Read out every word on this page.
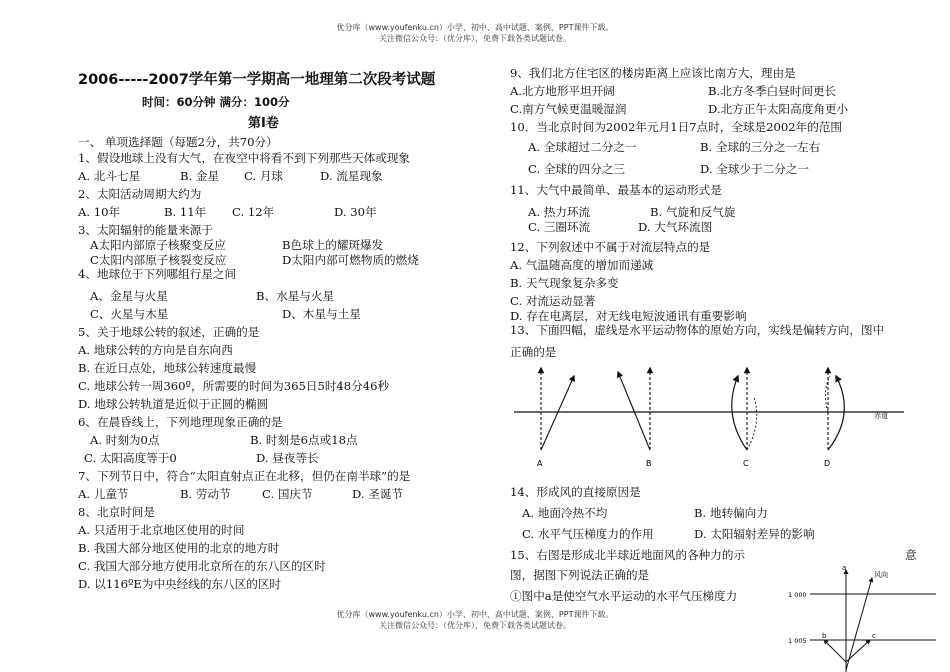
优分库（www.youfenku.cn）小学、初中、高中试题、案例、PPT课件下载。
关注微信公众号：（优分库），免费下载各类试题试卷。
优分库（www.youfenku.cn）小学、初中、高中试题、案例、PPT课件下载。
关注微信公众号：（优分库），免费下载各类试题试卷。
2006-----2007学年第一学期高一地理第二次段考试题
时间：60分钟 满分：100分
第Ⅰ卷
一、 单项选择题（每题2分，共70分）
1、假设地球上没有大气，在夜空中将看不到下列那些天体或现象
A. 北斗七星	B. 金星 C. 月球	D. 流星现象
2、太阳活动周期大约为
A. 10年	B. 11年 C. 12年	D. 30年
3、太阳辐射的能量来源于
A太阳内部原子核聚变反应	B色球上的耀斑爆发
C太阳内部原子核裂变反应	D太阳内部可燃物质的燃烧
4、地球位于下列哪组行星之间
A、金星与火星	B、水星与火星
C、火星与木星	D、木星与土星
5、关于地球公转的叙述，正确的是
A. 地球公转的方向是自东向西
B. 在近日点处，地球公转速度最慢
C. 地球公转一周360º，所需要的时间为365日5时48分46秒
D. 地球公转轨道是近似于正圆的椭圆
6、在晨昏线上，下列地理现象正确的是
A. 时刻为0点	B. 时刻是6点或18点
C. 太阳高度等于0	D. 昼夜等长
7、下列节日中，符合“太阳直射点正在北移，但仍在南半球”的是
A. 儿童节	B. 劳动节	C. 国庆节	D. 圣诞节
8、北京时间是
A. 只适用于北京地区使用的时间
B. 我国大部分地区使用的北京的地方时
C. 我国大部分地方使用北京所在的东八区的区时
D. 以116ºE为中央经线的东八区的区时
9、我们北方住宅区的楼房距离上应该比南方大，理由是
A.北方地形平坦开阔	B.北方冬季白昼时间更长
C.南方气候更温暖湿润	D.北方正午太阳高度角更小
10．当北京时间为2002年元月1日7点时，全球是2002年的范围
A. 全球超过二分之一	B. 全球的三分之一左右
C. 全球的四分之三	D. 全球少于二分之一
11、大气中最简单、最基本的运动形式是
A. 热力环流	B. 气旋和反气旋
C. 三圈环流	D. 大气环流图
12、下列叙述中不属于对流层特点的是
A. 气温随高度的增加而递减
B. 天气现象复杂多变
C. 对流运动显著
D. 存在电离层，对无线电短波通讯有重要影响
13、下面四幅，虚线是水平运动物体的原始方向，实线是偏转方向，图中
正确的是
赤道
A	B	C	D
14、形成风的直接原因是
A. 地面冷热不均	B. 地转偏向力
C. 水平气压梯度力的作用	D. 太阳辐射差异的影响
15、右图是形成北半球近地面风的各种力的示	意
图，据图下列说法正确的是
①图中a是使空气水平运动的水平气压梯度力	1 000
1 005
a
风向
b	c
